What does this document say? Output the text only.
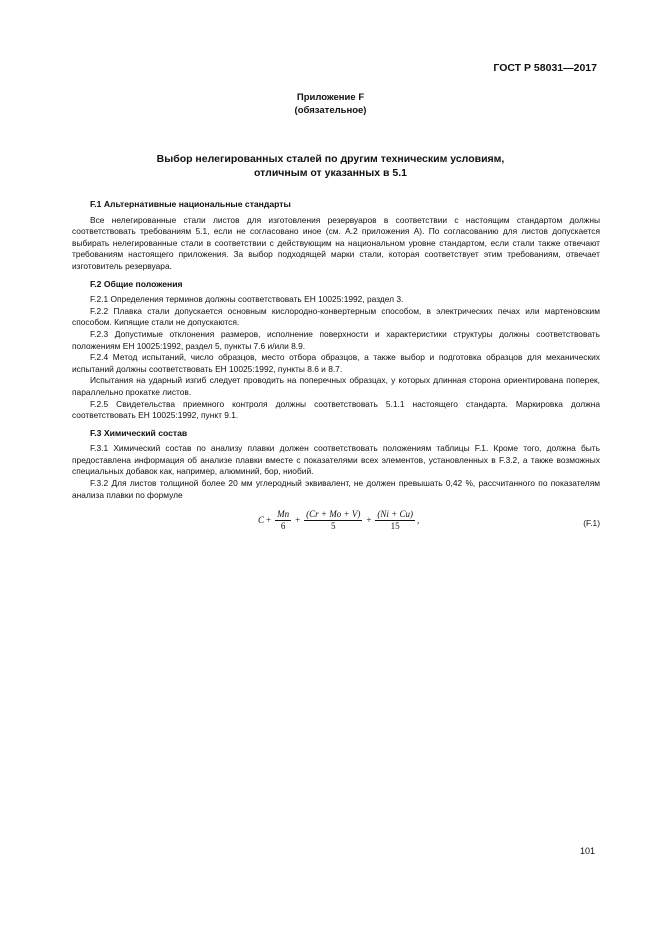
ГОСТ Р 58031—2017
Приложение F
(обязательное)
Выбор нелегированных сталей по другим техническим условиям,
отличным от указанных в 5.1
F.1 Альтернативные национальные стандарты

Все нелегированные стали листов для изготовления резервуаров в соответствии с настоящим стандартом должны соответствовать требованиям 5.1, если не согласовано иное (см. А.2 приложения А). По согласованию для листов допускается выбирать нелегированные стали в соответствии с действующим на национальном уровне стандартом, если стали также отвечают требованиям настоящего приложения. За выбор подходящей марки стали, которая соответствует этим требованиям, отвечает изготовитель резервуара.

F.2 Общие положения

F.2.1 Определения терминов должны соответствовать ЕН 10025:1992, раздел 3.

F.2.2 Плавка стали допускается основным кислородно-конвертерным способом, в электрических печах или мартеновским способом. Кипящие стали не допускаются.

F.2.3 Допустимые отклонения размеров, исполнение поверхности и характеристики структуры должны соответствовать положениям ЕН 10025:1992, раздел 5, пункты 7.6 и/или 8.9.

F.2.4 Метод испытаний, число образцов, место отбора образцов, а также выбор и подготовка образцов для механических испытаний должны соответствовать ЕН 10025:1992, пункты 8.6 и 8.7.

Испытания на ударный изгиб следует проводить на поперечных образцах, у которых длинная сторона ориентирована поперек, параллельно прокатке листов.

F.2.5 Свидетельства приемного контроля должны соответствовать 5.1.1 настоящего стандарта. Маркировка должна соответствовать ЕН 10025:1992, пункт 9.1.

F.3 Химический состав

F.3.1 Химический состав по анализу плавки должен соответствовать положениям таблицы F.1. Кроме того, должна быть предоставлена информация об анализе плавки вместе с показателями всех элементов, установленных в F.3.2, а также возможных специальных добавок как, например, алюминий, бор, ниобий.

F.3.2 Для листов толщиной более 20 мм углеродный эквивалент, не должен превышать 0,42 %, рассчитанного по показателям анализа плавки по формуле

$C + \frac{Mn}{6} + \frac{(Cr + Mo + V)}{5} + \frac{(Ni + Cu)}{15}$ ,	(F.1)
101
